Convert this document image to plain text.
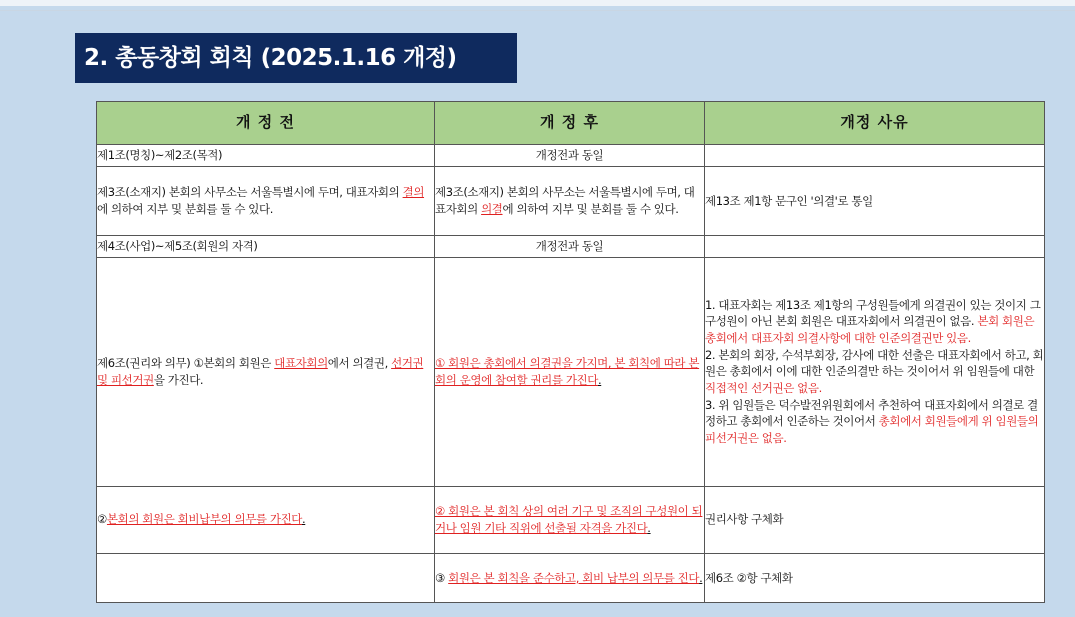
2. 총동창회 회칙 (2025.1.16 개정)
개 정 전	개 정 후	개정 사유
제1조(명칭)~제2조(목적)	개정전과 동일	
제3조(소재지) 본회의 사무소는 서울특별시에 두며, 대표자회의 결의에 의하여 지부 및 분회를 둘 수 있다.	제3조(소재지) 본회의 사무소는 서울특별시에 두며, 대표자회의 의결에 의하여 지부 및 분회를 둘 수 있다.	제13조 제1항 문구인 '의결'로 통일
제4조(사업)~제5조(회원의 자격)	개정전과 동일	
제6조(권리와 의무) ①본회의 회원은 대표자회의에서 의결권, 선거권 및 피선거권을 가진다.	① 회원은 총회에서 의결권을 가지며, 본 회칙에 따라 본 회의 운영에 참여할 권리를 가진다.	1. 대표자회는 제13조 제1항의 구성원들에게 의결권이 있는 것이지 그 구성원이 아닌 본회 회원은 대표자회에서 의결권이 없음. 본회 회원은 총회에서 대표자회 의결사항에 대한 인준의결권만 있음.
2. 본회의 회장, 수석부회장, 감사에 대한 선출은 대표자회에서 하고, 회원은 총회에서 이에 대한 인준의결만 하는 것이어서 위 임원들에 대한 직접적인 선거권은 없음.
3. 위 임원들은 덕수발전위원회에서 추천하여 대표자회에서 의결로 결정하고 총회에서 인준하는 것이어서 총회에서 회원들에게 위 임원들의 피선거권은 없음.
②본회의 회원은 회비납부의 의무를 가진다.	② 회원은 본 회칙 상의 여러 기구 및 조직의 구성원이 되거나 임원 기타 직위에 선출될 자격을 가진다.	권리사항 구체화
	③ 회원은 본 회칙을 준수하고, 회비 납부의 의무를 진다.	제6조 ②항 구체화
